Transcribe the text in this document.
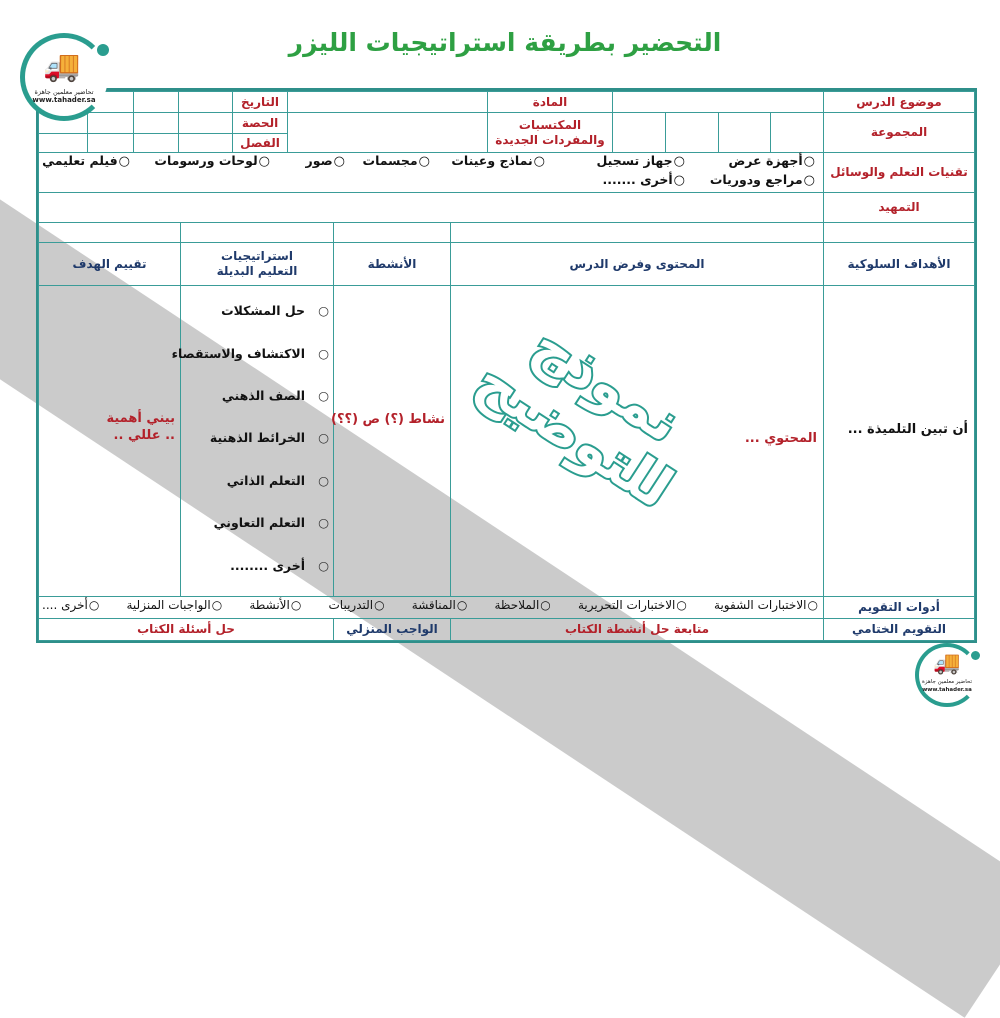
التحضير بطريقة استراتيجيات الليزر
موضوع الدرس
المادة
التاريخ
المجموعة
المكتسبات والمفردات الجديدة
الحصة
الفصل
تقنيات التعلم والوسائل
○أجهزة عرض
○جهاز تسجيل
○نماذج وعينات
○مجسمات
○صور
○لوحات ورسومات
○فيلم تعليمي
○مراجع ودوريات
○أخرى .......
التمهيد
الأهداف السلوكية
المحتوى وفرض الدرس
الأنشطة
استراتيجيات التعليم البديلة
تقييم الهدف
نموذج للتوضيح	أن تبين التلميذة ...
المحتوي ...
نشاط (؟) ص (؟؟)
بيني أهمية .. عللي ..
○
حل المشكلات
○
الاكتشاف والاستقصاء
○
الصف الذهني
○
الخرائط الذهنية
○
التعلم الذاتي
○
التعلم التعاوني
○
أخرى ........
أدوات التقويم
○الاختبارات الشفوية
○الاختبارات التحريرية
○الملاحظة
○المناقشة
○التدريبات
○الأنشطة
○الواجبات المنزلية
○أخرى ....
التقويم الختامي
متابعة حل أنشطة الكتاب
الواجب المنزلي
حل أسئلة الكتاب
🚚
تحاضير معلمين جاهزة
www.tahader.sa
🚚
تحاضير معلمين جاهزة
www.tahader.sa
